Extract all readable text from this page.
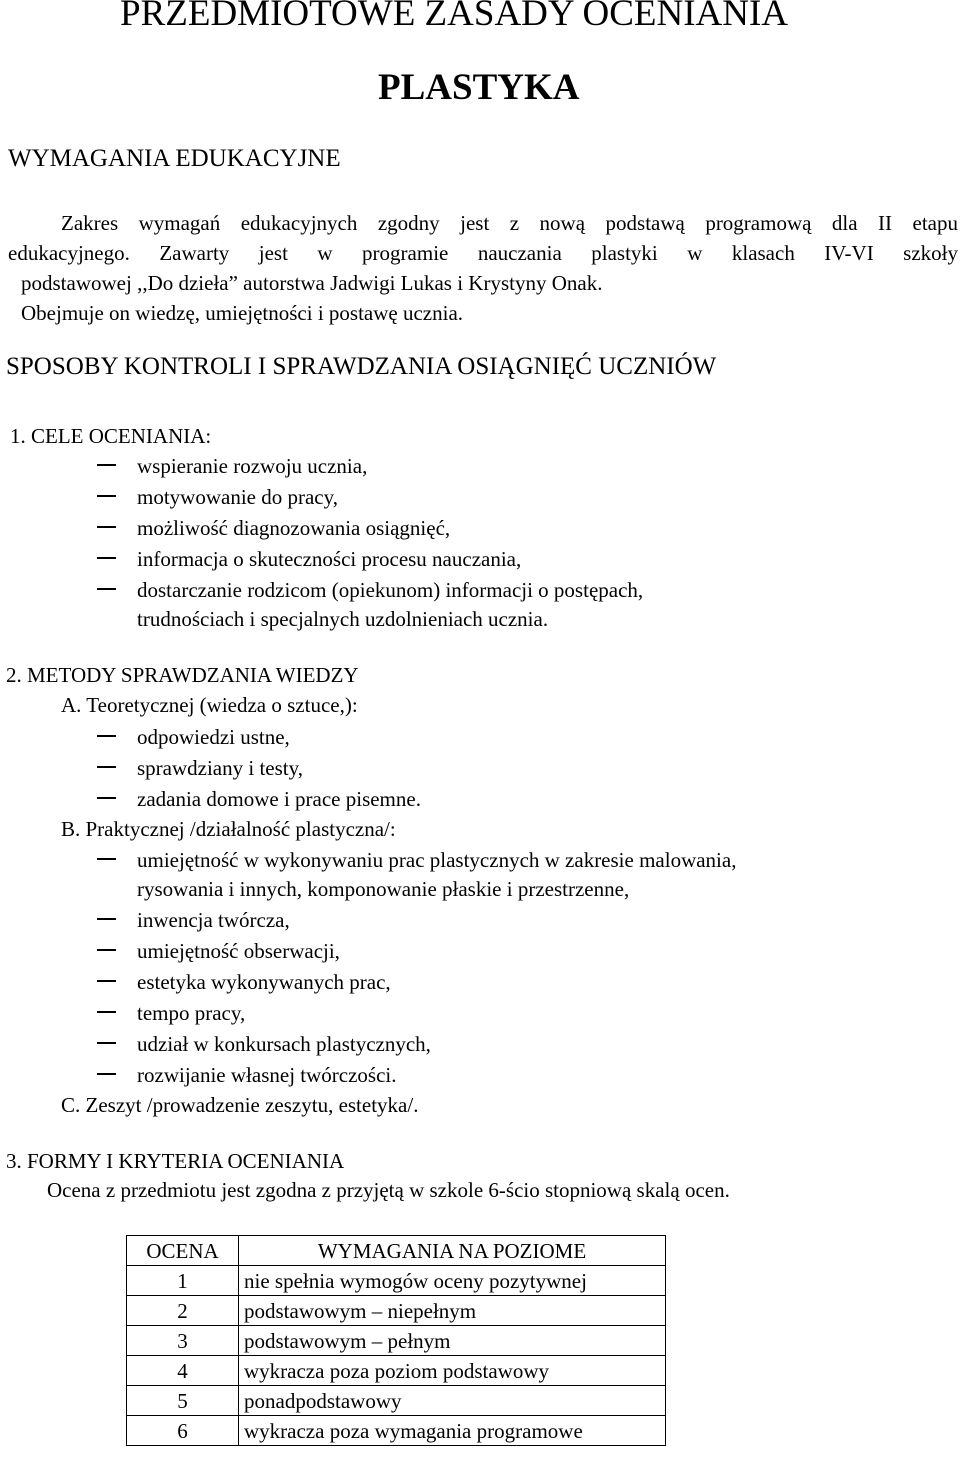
PRZEDMIOTOWE ZASADY OCENIANIA
PLASTYKA
WYMAGANIA EDUKACYJNE
Zakres wymagań edukacyjnych zgodny jest z nową podstawą programową dla II etapu
edukacyjnego. Zawarty jest w programie nauczania plastyki w klasach IV-VI szkoły
podstawowej ,,Do dzieła” autorstwa Jadwigi Lukas i Krystyny Onak.
Obejmuje on wiedzę, umiejętności i postawę ucznia.
SPOSOBY KONTROLI I SPRAWDZANIA OSIĄGNIĘĆ UCZNIÓW
1. CELE OCENIANIA:
wspieranie rozwoju ucznia,
motywowanie do pracy,
możliwość diagnozowania osiągnięć,
informacja o skuteczności procesu nauczania,
dostarczanie rodzicom (opiekunom) informacji o postępach,
trudnościach i specjalnych uzdolnieniach ucznia.
2. METODY SPRAWDZANIA WIEDZY
A. Teoretycznej (wiedza o sztuce,):
odpowiedzi ustne,
sprawdziany i testy,
zadania domowe i prace pisemne.
B. Praktycznej /działalność plastyczna/:
umiejętność w wykonywaniu prac plastycznych w zakresie malowania,
rysowania i innych, komponowanie płaskie i przestrzenne,
inwencja twórcza,
umiejętność obserwacji,
estetyka wykonywanych prac,
tempo pracy,
udział w konkursach plastycznych,
rozwijanie własnej twórczości.
C. Zeszyt /prowadzenie zeszytu, estetyka/.
3. FORMY I KRYTERIA OCENIANIA
Ocena z przedmiotu jest zgodna z przyjętą w szkole 6-ścio stopniową skalą ocen.
OCENA	WYMAGANIA NA POZIOME
1	nie spełnia wymogów oceny pozytywnej
2	podstawowym – niepełnym
3	podstawowym – pełnym
4	wykracza poza poziom podstawowy
5	ponadpodstawowy
6	wykracza poza wymagania programowe
